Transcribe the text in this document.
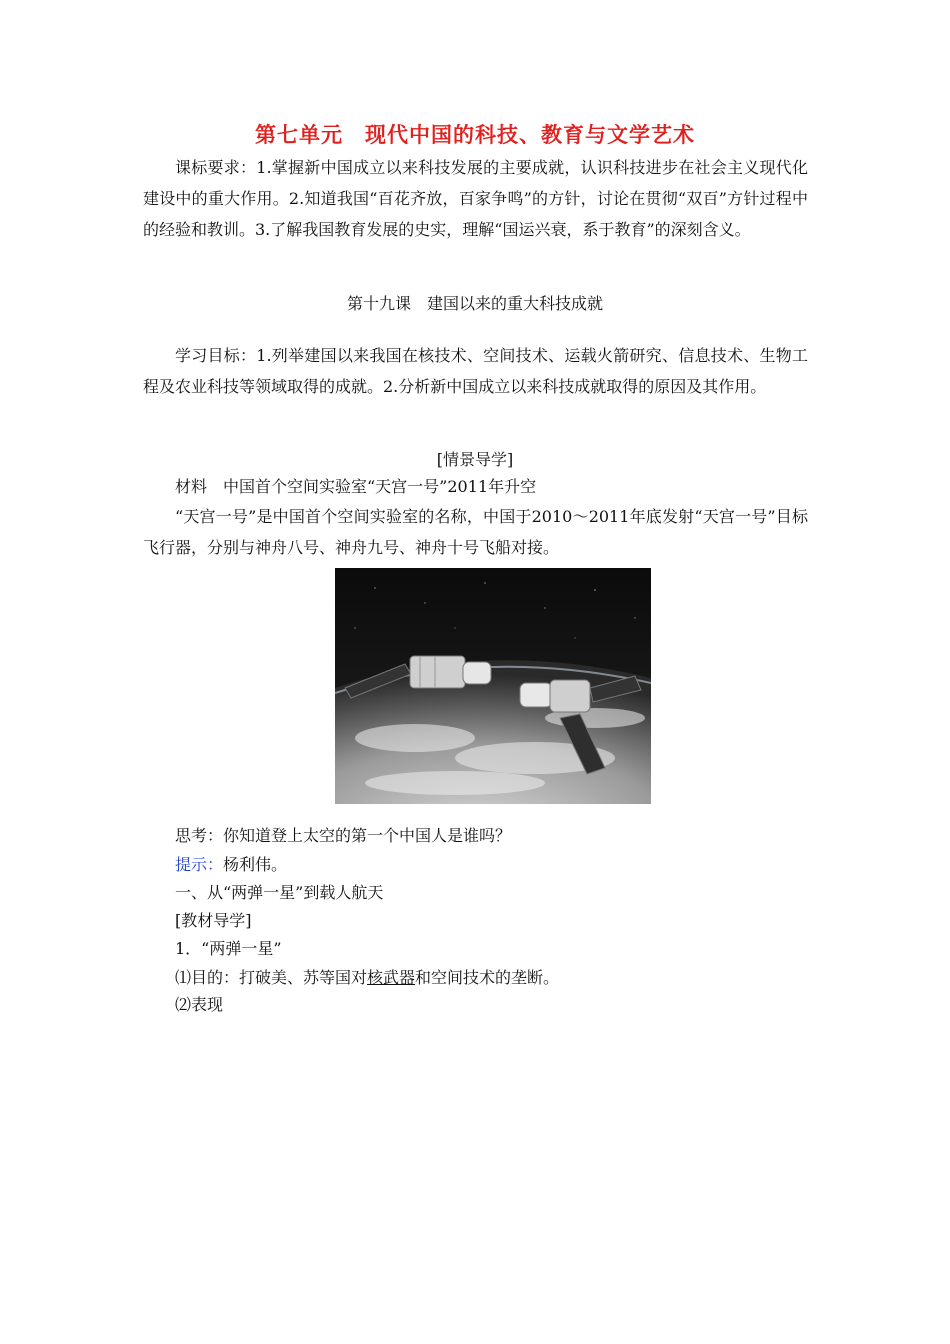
第七单元　现代中国的科技、教育与文学艺术
课标要求：1.掌握新中国成立以来科技发展的主要成就，认识科技进步在社会主义现代化建设中的重大作用。2.知道我国“百花齐放，百家争鸣”的方针，讨论在贯彻“双百”方针过程中的经验和教训。3.了解我国教育发展的史实，理解“国运兴衰，系于教育”的深刻含义。
第十九课　建国以来的重大科技成就
学习目标：1.列举建国以来我国在核技术、空间技术、运载火箭研究、信息技术、生物工程及农业科技等领域取得的成就。2.分析新中国成立以来科技成就取得的原因及其作用。
[情景导学]
材料　中国首个空间实验室“天宫一号”2011年升空
“天宫一号”是中国首个空间实验室的名称，中国于2010～2011年底发射“天宫一号”目标飞行器，分别与神舟八号、神舟九号、神舟十号飞船对接。
思考：你知道登上太空的第一个中国人是谁吗？
提示：杨利伟。
一、从“两弹一星”到载人航天
[教材导学]
1．“两弹一星”
⑴目的：打破美、苏等国对核武器和空间技术的垄断。
⑵表现
